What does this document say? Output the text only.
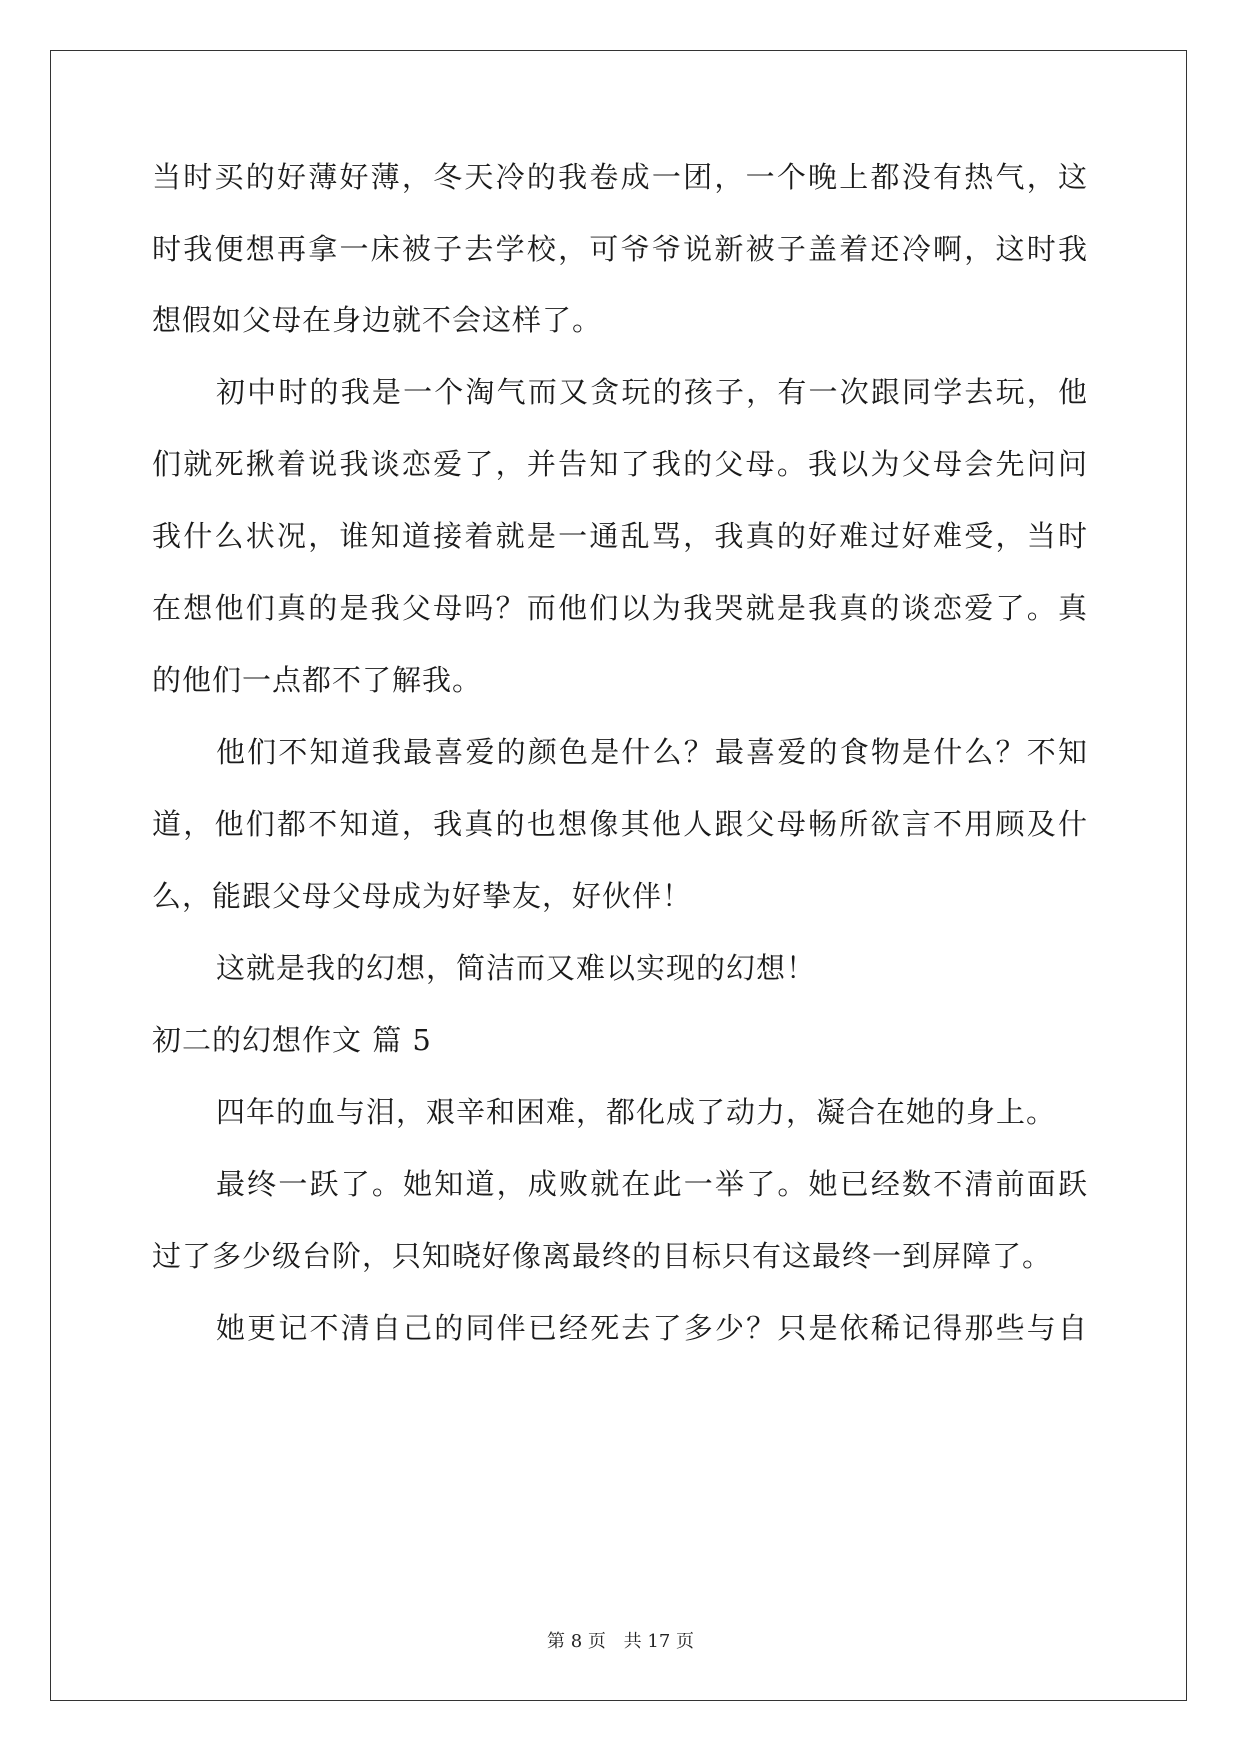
当时买的好薄好薄，冬天冷的我卷成一团，一个晚上都没有热气，这
时我便想再拿一床被子去学校，可爷爷说新被子盖着还冷啊，这时我
想假如父母在身边就不会这样了。
初中时的我是一个淘气而又贪玩的孩子，有一次跟同学去玩，他
们就死揪着说我谈恋爱了，并告知了我的父母。我以为父母会先问问
我什么状况，谁知道接着就是一通乱骂，我真的好难过好难受，当时
在想他们真的是我父母吗？而他们以为我哭就是我真的谈恋爱了。真
的他们一点都不了解我。
他们不知道我最喜爱的颜色是什么？最喜爱的食物是什么？不知
道，他们都不知道，我真的也想像其他人跟父母畅所欲言不用顾及什
么，能跟父母父母成为好挚友，好伙伴！
这就是我的幻想，简洁而又难以实现的幻想！
初二的幻想作文 篇 5
四年的血与泪，艰辛和困难，都化成了动力，凝合在她的身上。
最终一跃了。她知道，成败就在此一举了。她已经数不清前面跃
过了多少级台阶，只知晓好像离最终的目标只有这最终一到屏障了。
她更记不清自己的同伴已经死去了多少？只是依稀记得那些与自
第 8 页 共 17 页
